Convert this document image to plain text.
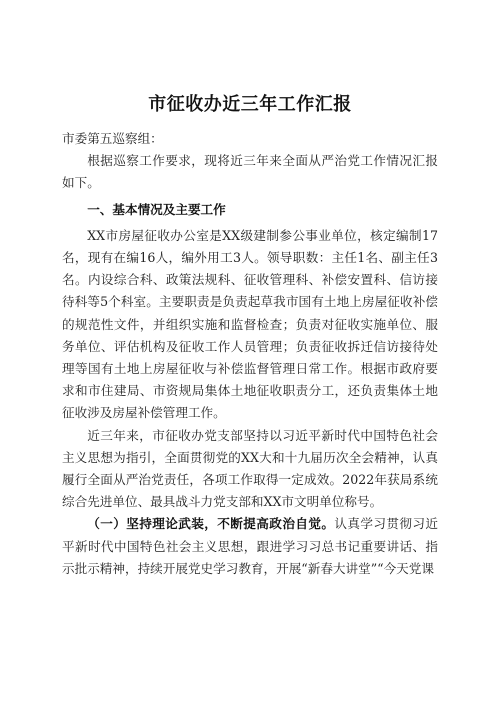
市征收办近三年工作汇报

市委第五巡察组：

根据巡察工作要求，现将近三年来全面从严治党工作情况汇报如下。

一、基本情况及主要工作

XX市房屋征收办公室是XX级建制参公事业单位，核定编制17名，现有在编16人，编外用工3人。领导职数：主任1名、副主任3名。内设综合科、政策法规科、征收管理科、补偿安置科、信访接待科等5个科室。主要职责是负责起草我市国有土地上房屋征收补偿的规范性文件，并组织实施和监督检查；负责对征收实施单位、服务单位、评估机构及征收工作人员管理；负责征收拆迁信访接待处理等国有土地上房屋征收与补偿监督管理日常工作。根据市政府要求和市住建局、市资规局集体土地征收职责分工，还负责集体土地征收涉及房屋补偿管理工作。

近三年来，市征收办党支部坚持以习近平新时代中国特色社会主义思想为指引，全面贯彻党的XX大和十九届历次全会精神，认真履行全面从严治党责任，各项工作取得一定成效。2022年获局系统综合先进单位、最具战斗力党支部和XX市文明单位称号。

（一）坚持理论武装，不断提高政治自觉。认真学习贯彻习近平新时代中国特色社会主义思想，跟进学习习总书记重要讲话、指示批示精神，持续开展党史学习教育，开展“新春大讲堂”“今天党课
